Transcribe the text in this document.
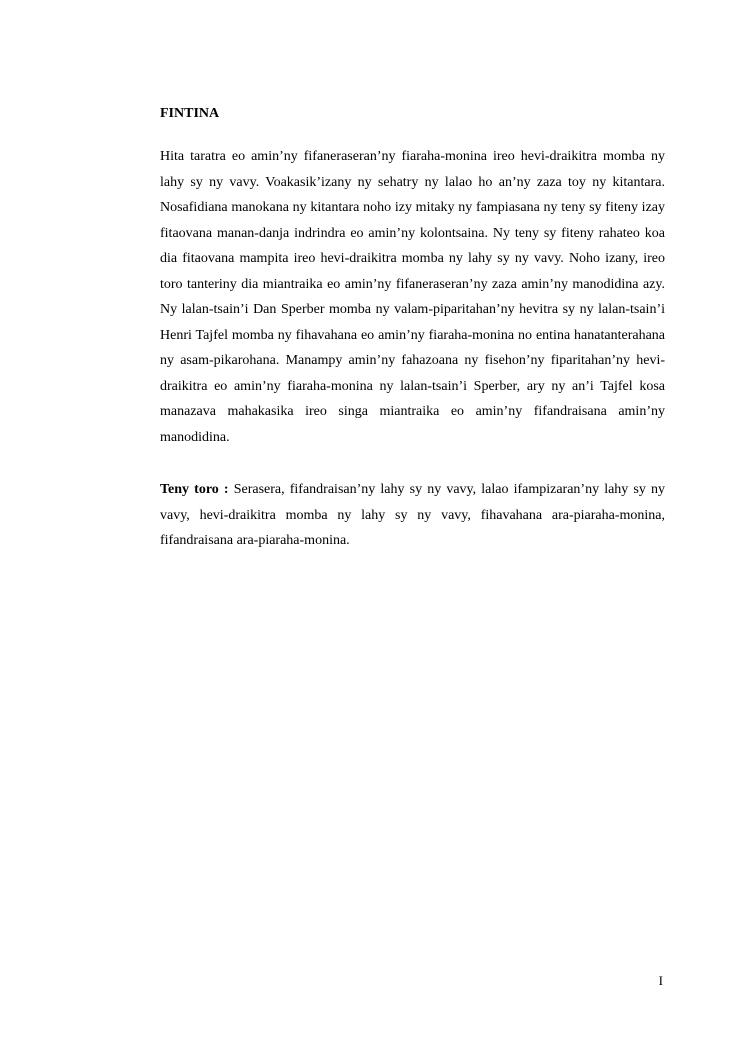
FINTINA

Hita taratra eo amin’ny fifaneraseran’ny fiaraha-monina ireo hevi-draikitra momba ny lahy sy ny vavy. Voakasik’izany ny sehatry ny lalao ho an’ny zaza toy ny kitantara. Nosafidiana manokana ny kitantara noho izy mitaky ny fampiasana ny teny sy fiteny izay fitaovana manan-danja indrindra eo amin’ny kolontsaina. Ny teny sy fiteny rahateo koa dia fitaovana mampita ireo hevi-draikitra momba ny lahy sy ny vavy. Noho izany, ireo toro tanteriny dia miantraika eo amin’ny fifaneraseran’ny zaza amin’ny manodidina azy. Ny lalan-tsain’i Dan Sperber momba ny valam-piparitahan’ny hevitra sy ny lalan-tsain’i Henri Tajfel momba ny fihavahana eo amin’ny fiaraha-monina no entina hanatanterahana ny asam-pikarohana. Manampy amin’ny fahazoana ny fisehon’ny fiparitahan’ny hevi-draikitra eo amin’ny fiaraha-monina ny lalan-tsain’i Sperber, ary ny an’i Tajfel kosa manazava mahakasika ireo singa miantraika eo amin’ny fifandraisana amin’ny manodidina.

Teny toro : Serasera, fifandraisan’ny lahy sy ny vavy, lalao ifampizaran’ny lahy sy ny vavy, hevi-draikitra momba ny lahy sy ny vavy, fihavahana ara-piaraha-monina, fifandraisana ara-piaraha-monina.

I
